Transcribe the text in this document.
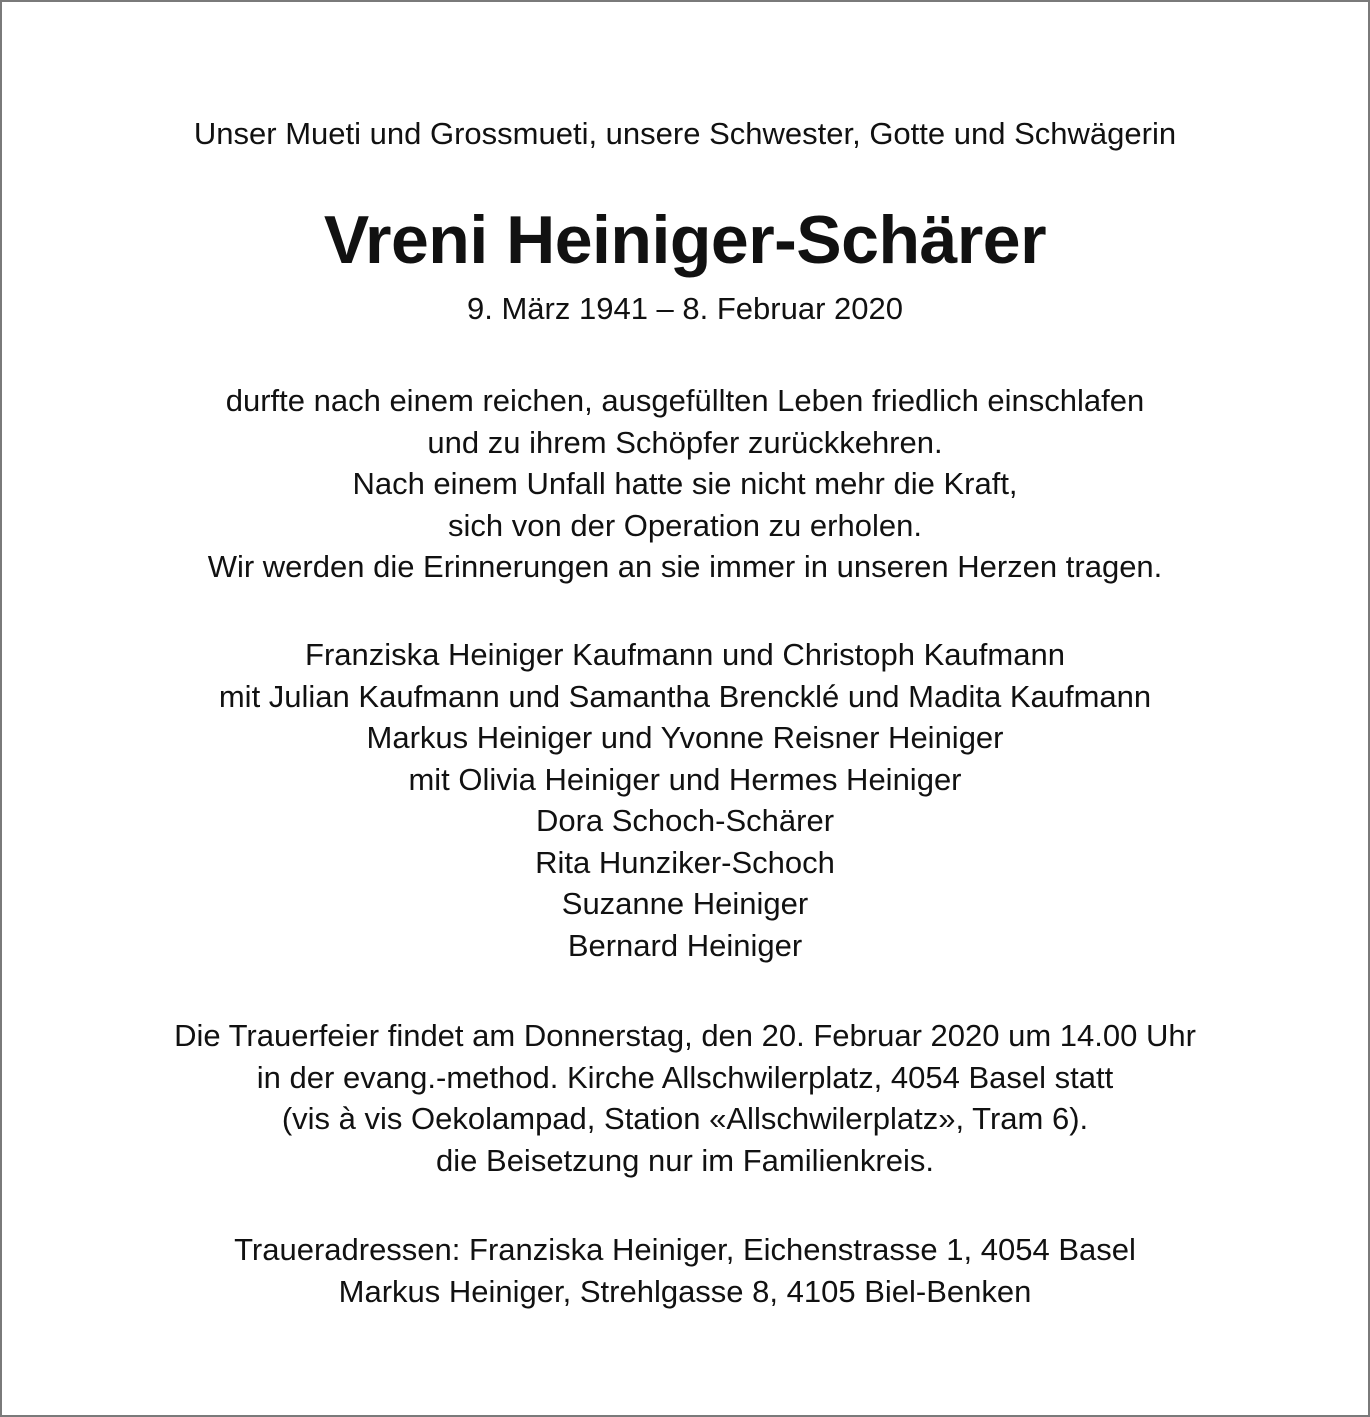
Unser Mueti und Grossmueti, unsere Schwester, Gotte und Schwägerin

Vreni Heiniger-Schärer

9. März 1941 – 8. Februar 2020

durfte nach einem reichen, ausgefüllten Leben friedlich einschlafen
und zu ihrem Schöpfer zurückkehren.
Nach einem Unfall hatte sie nicht mehr die Kraft,
sich von der Operation zu erholen.
Wir werden die Erinnerungen an sie immer in unseren Herzen tragen.
Franziska Heiniger Kaufmann und Christoph Kaufmann
mit Julian Kaufmann und Samantha Brencklé und Madita Kaufmann
Markus Heiniger und Yvonne Reisner Heiniger
mit Olivia Heiniger und Hermes Heiniger
Dora Schoch-Schärer
Rita Hunziker-Schoch
Suzanne Heiniger
Bernard Heiniger
Die Trauerfeier findet am Donnerstag, den 20. Februar 2020 um 14.00 Uhr
in der evang.-method. Kirche Allschwilerplatz, 4054 Basel statt
(vis à vis Oekolampad, Station «Allschwilerplatz», Tram 6).
die Beisetzung nur im Familienkreis.
Traueradressen: Franziska Heiniger, Eichenstrasse 1, 4054 Basel
Markus Heiniger, Strehlgasse 8, 4105 Biel-Benken
